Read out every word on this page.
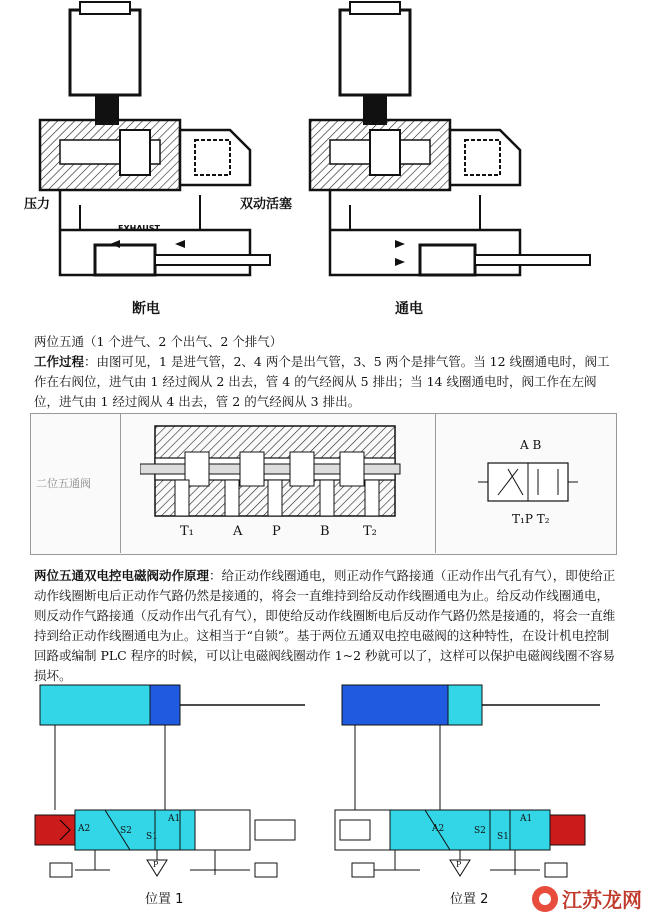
压力	双动活塞
EXHAUST
断电	通电
两位五通（1 个进气、2 个出气、2 个排气）
工作过程：由图可见，1 是进气管，2、4 两个是出气管，3、5 两个是排气管。当 12 线圈通电时，阀工作在右阀位，进气由 1 经过阀从 2 出去，管 4 的气经阀从 5 排出；当 14 线圈通电时，阀工作在左阀位，进气由 1 经过阀从 4 出去，管 2 的气经阀从 3 排出。
二位五通阀
T₁	A P	B	T₂
A B
T₁P T₂
两位五通双电控电磁阀动作原理：给正动作线圈通电，则正动作气路接通（正动作出气孔有气），即使给正动作线圈断电后正动作气路仍然是接通的，将会一直维持到给反动作线圈通电为止。给反动作线圈通电，则反动作气路接通（反动作出气孔有气），即使给反动作线圈断电后反动作气路仍然是接通的，将会一直维持到给正动作线圈通电为止。这相当于“自锁”。基于两位五通双电控电磁阀的这种特性，在设计机电控制回路或编制 PLC 程序的时候，可以让电磁阀线圈动作 1~2 秒就可以了，这样可以保护电磁阀线圈不容易损坏。
A2	S2
S1
A1
P
A2	S2
S1
A1
P
位置 1	位置 2	江苏龙网
